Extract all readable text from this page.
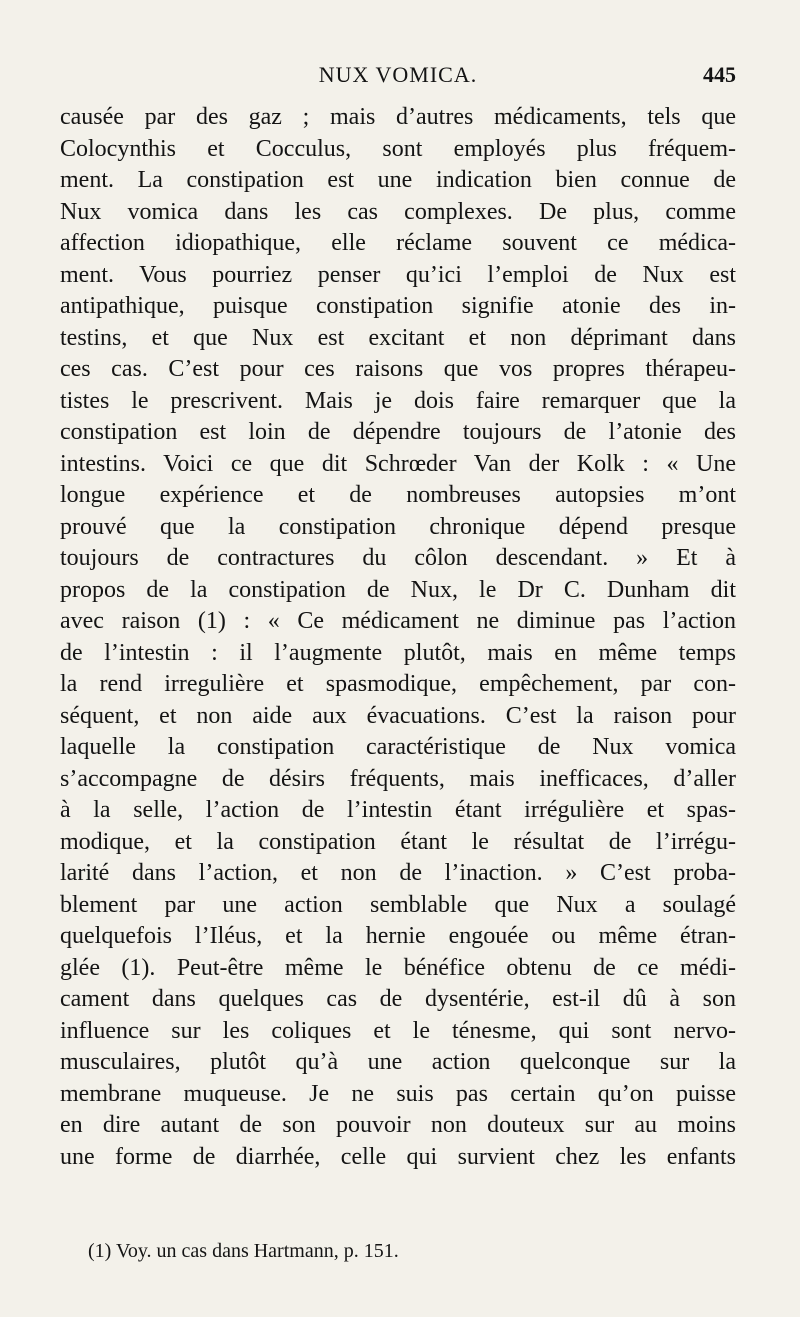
NUX VOMICA.	445
causée par des gaz ; mais d’autres médicaments, tels que
Colocynthis et Cocculus, sont employés plus fréquem-
ment. La constipation est une indication bien connue de
Nux vomica dans les cas complexes. De plus, comme
affection idiopathique, elle réclame souvent ce médica-
ment. Vous pourriez penser qu’ici l’emploi de Nux est
antipathique, puisque constipation signifie atonie des in-
testins, et que Nux est excitant et non déprimant dans
ces cas. C’est pour ces raisons que vos propres thérapeu-
tistes le prescrivent. Mais je dois faire remarquer que la
constipation est loin de dépendre toujours de l’atonie des
intestins. Voici ce que dit Schrœder Van der Kolk : « Une
longue expérience et de nombreuses autopsies m’ont
prouvé que la constipation chronique dépend presque
toujours de contractures du côlon descendant. » Et à
propos de la constipation de Nux, le Dr C. Dunham dit
avec raison (1) : « Ce médicament ne diminue pas l’action
de l’intestin : il l’augmente plutôt, mais en même temps
la rend irregulière et spasmodique, empêchement, par con-
séquent, et non aide aux évacuations. C’est la raison pour
laquelle la constipation caractéristique de Nux vomica
s’accompagne de désirs fréquents, mais inefficaces, d’aller
à la selle, l’action de l’intestin étant irrégulière et spas-
modique, et la constipation étant le résultat de l’irrégu-
larité dans l’action, et non de l’inaction. » C’est proba-
blement par une action semblable que Nux a soulagé
quelquefois l’Iléus, et la hernie engouée ou même étran-
glée (1). Peut-être même le bénéfice obtenu de ce médi-
cament dans quelques cas de dysentérie, est-il dû à son
influence sur les coliques et le ténesme, qui sont nervo-
musculaires, plutôt qu’à une action quelconque sur la
membrane muqueuse. Je ne suis pas certain qu’on puisse
en dire autant de son pouvoir non douteux sur au moins
une forme de diarrhée, celle qui survient chez les enfants
(1) Voy. un cas dans Hartmann, p. 151.
